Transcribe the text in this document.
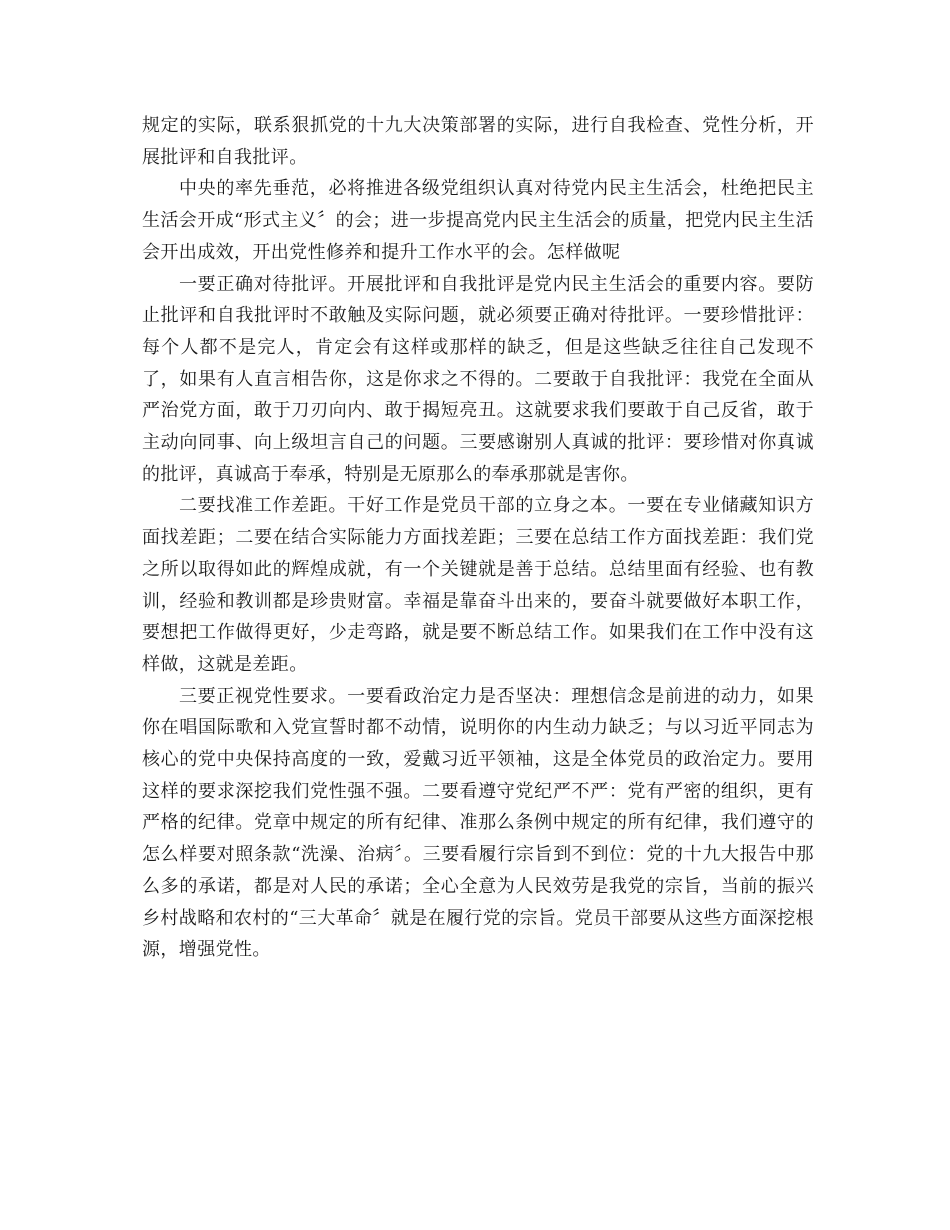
规定的实际，联系狠抓党的十九大决策部署的实际，进行自我检查、党性分析，开展批评和自我批评。

中央的率先垂范，必将推进各级党组织认真对待党内民主生活会，杜绝把民主生活会开成“形式主义〞的会；进一步提高党内民主生活会的质量，把党内民主生活会开出成效，开出党性修养和提升工作水平的会。怎样做呢

一要正确对待批评。开展批评和自我批评是党内民主生活会的重要内容。要防止批评和自我批评时不敢触及实际问题，就必须要正确对待批评。一要珍惜批评：每个人都不是完人，肯定会有这样或那样的缺乏，但是这些缺乏往往自己发现不了，如果有人直言相告你，这是你求之不得的。二要敢于自我批评：我党在全面从严治党方面，敢于刀刃向内、敢于揭短亮丑。这就要求我们要敢于自己反省，敢于主动向同事、向上级坦言自己的问题。三要感谢别人真诚的批评：要珍惜对你真诚的批评，真诚高于奉承，特别是无原那么的奉承那就是害你。

二要找准工作差距。干好工作是党员干部的立身之本。一要在专业储藏知识方面找差距；二要在结合实际能力方面找差距；三要在总结工作方面找差距：我们党之所以取得如此的辉煌成就，有一个关键就是善于总结。总结里面有经验、也有教训，经验和教训都是珍贵财富。幸福是靠奋斗出来的，要奋斗就要做好本职工作，要想把工作做得更好，少走弯路，就是要不断总结工作。如果我们在工作中没有这样做，这就是差距。

三要正视党性要求。一要看政治定力是否坚决：理想信念是前进的动力，如果你在唱国际歌和入党宣誓时都不动情，说明你的内生动力缺乏；与以习近平同志为核心的党中央保持高度的一致，爱戴习近平领袖，这是全体党员的政治定力。要用这样的要求深挖我们党性强不强。二要看遵守党纪严不严：党有严密的组织，更有严格的纪律。党章中规定的所有纪律、准那么条例中规定的所有纪律，我们遵守的怎么样要对照条款“洗澡、治病〞。三要看履行宗旨到不到位：党的十九大报告中那么多的承诺，都是对人民的承诺；全心全意为人民效劳是我党的宗旨，当前的振兴乡村战略和农村的“三大革命〞就是在履行党的宗旨。党员干部要从这些方面深挖根源，增强党性。
